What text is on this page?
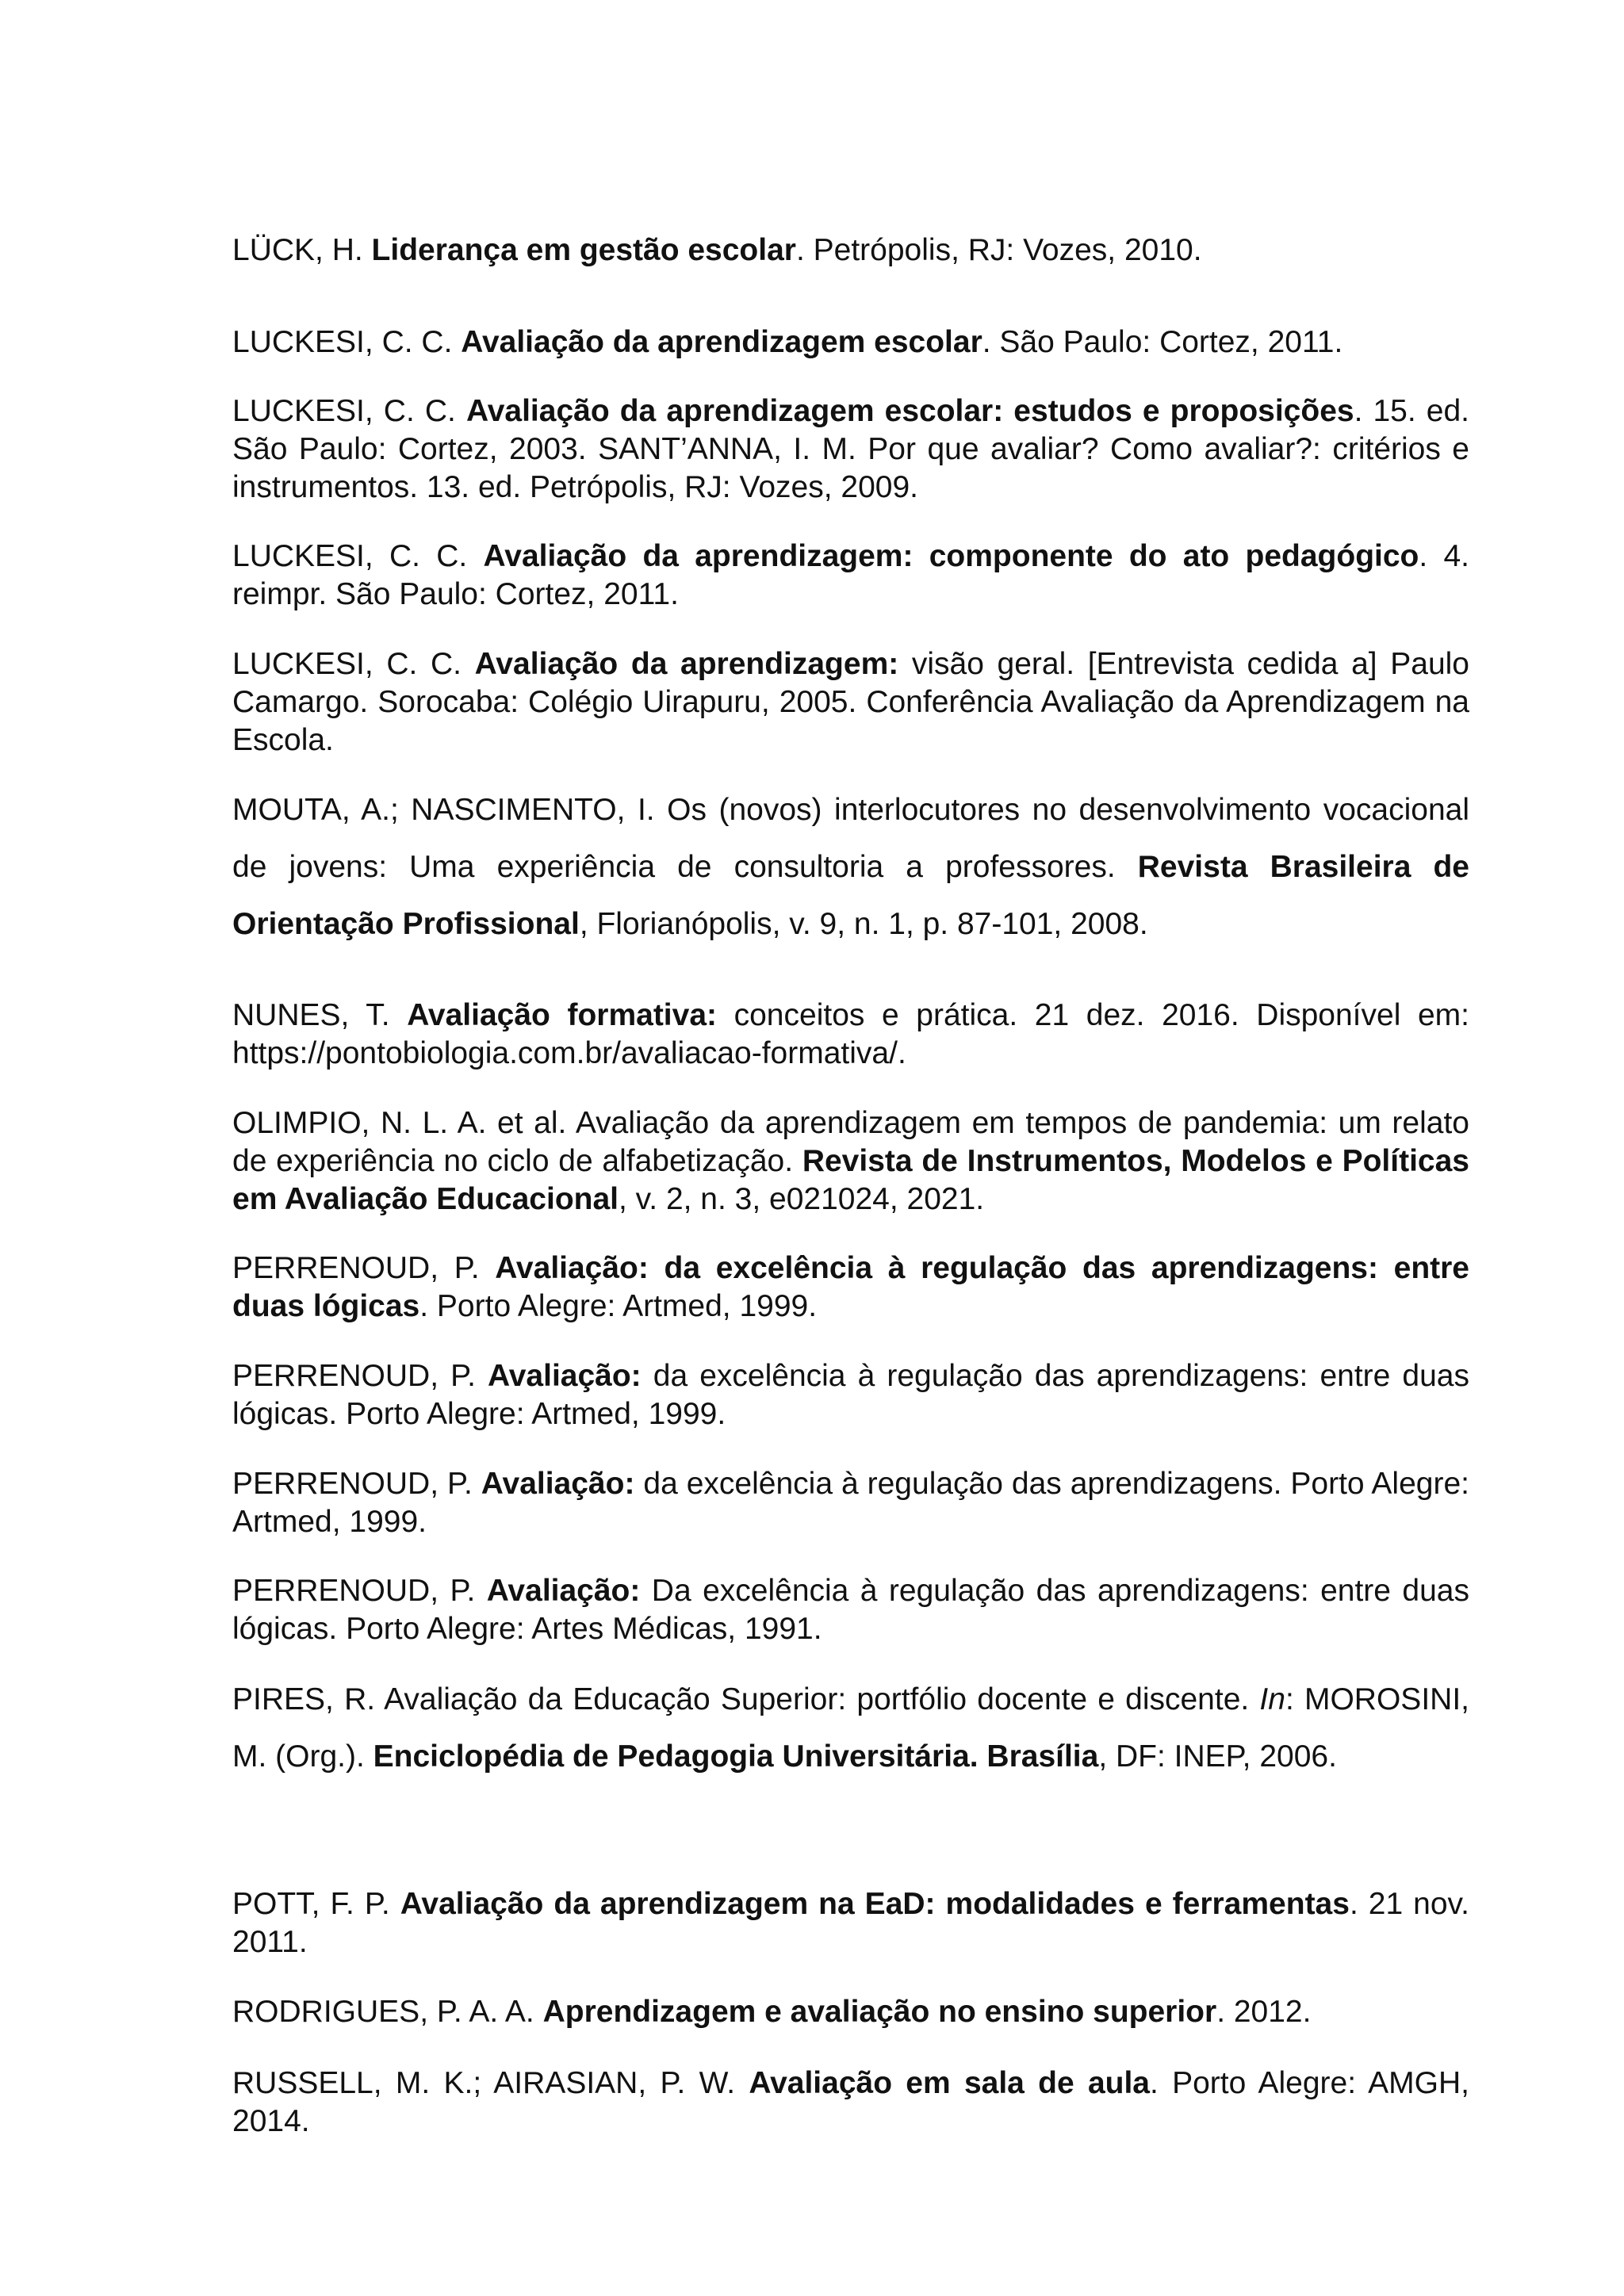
LÜCK, H. Liderança em gestão escolar. Petrópolis, RJ: Vozes, 2010.

LUCKESI, C. C. Avaliação da aprendizagem escolar. São Paulo: Cortez, 2011.

LUCKESI, C. C. Avaliação da aprendizagem escolar: estudos e proposições. 15. ed. São Paulo: Cortez, 2003. SANT’ANNA, I. M. Por que avaliar? Como avaliar?: critérios e instrumentos. 13. ed. Petrópolis, RJ: Vozes, 2009.

LUCKESI, C. C. Avaliação da aprendizagem: componente do ato pedagógico. 4. reimpr. São Paulo: Cortez, 2011.

LUCKESI, C. C. Avaliação da aprendizagem: visão geral. [Entrevista cedida a] Paulo Camargo. Sorocaba: Colégio Uirapuru, 2005. Conferência Avaliação da Aprendizagem na Escola.

MOUTA, A.; NASCIMENTO, I. Os (novos) interlocutores no desenvolvimento vocacional de jovens: Uma experiência de consultoria a professores. Revista Brasileira de Orientação Profissional, Florianópolis, v. 9, n. 1, p. 87-101, 2008.

NUNES, T. Avaliação formativa: conceitos e prática. 21 dez. 2016. Disponível em: https://pontobiologia.com.br/avaliacao-formativa/.

OLIMPIO, N. L. A. et al. Avaliação da aprendizagem em tempos de pandemia: um relato de experiência no ciclo de alfabetização. Revista de Instrumentos, Modelos e Políticas em Avaliação Educacional, v. 2, n. 3, e021024, 2021.

PERRENOUD, P. Avaliação: da excelência à regulação das aprendizagens: entre duas lógicas. Porto Alegre: Artmed, 1999.

PERRENOUD, P. Avaliação: da excelência à regulação das aprendizagens: entre duas lógicas. Porto Alegre: Artmed, 1999.

PERRENOUD, P. Avaliação: da excelência à regulação das aprendizagens. Porto Alegre: Artmed, 1999.

PERRENOUD, P. Avaliação: Da excelência à regulação das aprendizagens: entre duas lógicas. Porto Alegre: Artes Médicas, 1991.

PIRES, R. Avaliação da Educação Superior: portfólio docente e discente. In: MOROSINI, M. (Org.). Enciclopédia de Pedagogia Universitária. Brasília, DF: INEP, 2006.

POTT, F. P. Avaliação da aprendizagem na EaD: modalidades e ferramentas. 21 nov. 2011.

RODRIGUES, P. A. A. Aprendizagem e avaliação no ensino superior. 2012.

RUSSELL, M. K.; AIRASIAN, P. W. Avaliação em sala de aula. Porto Alegre: AMGH, 2014.
